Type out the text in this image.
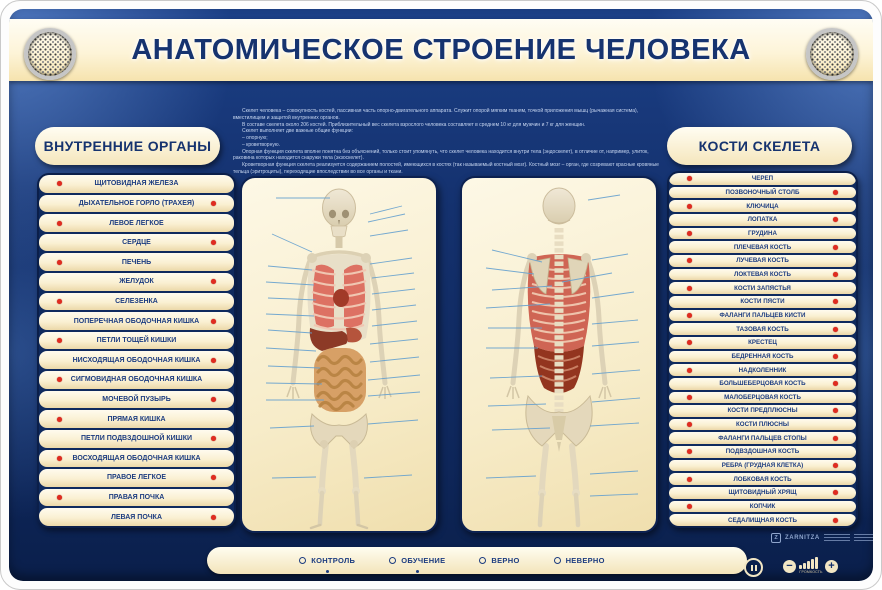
АНАТОМИЧЕСКОЕ СТРОЕНИЕ ЧЕЛОВЕКА

Скелет человека – совокупность костей, пассивная часть опорно-двигательного аппарата. Служит опорой мягким тканям, точкой приложения мышц (рычажная система), вместилищем и защитой внутренних органов.

В составе скелета около 206 костей. Приблизительный вес скелета взрослого человека составляет в среднем 10 кг для мужчин и 7 кг для женщин.

Скелет выполняет две важные общие функции:

– опорную;

– кроветворную.

Опорная функция скелета вполне понятна без объяснений, только стоит упомянуть, что скелет человека находится внутри тела (эндоскелет), в отличие от, например, улиток, раковина которых находится снаружи тела (экзоскелет).

Кроветворная функция скелета реализуется содержанием полостей, имеющихся в костях (так называемый костный мозг). Костный мозг – орган, где созревают красные кровяные тельца (эритроциты), переходящие впоследствии во все органы и ткани.

ВНУТРЕННИЕ ОРГАНЫ
ЩИТОВИДНАЯ ЖЕЛЕЗА
ДЫХАТЕЛЬНОЕ ГОРЛО (ТРАХЕЯ)
ЛЕВОЕ ЛЕГКОЕ
СЕРДЦЕ
ПЕЧЕНЬ
ЖЕЛУДОК
СЕЛЕЗЕНКА
ПОПЕРЕЧНАЯ ОБОДОЧНАЯ КИШКА
ПЕТЛИ ТОЩЕЙ КИШКИ
НИСХОДЯЩАЯ ОБОДОЧНАЯ КИШКА
СИГМОВИДНАЯ ОБОДОЧНАЯ КИШКА
МОЧЕВОЙ ПУЗЫРЬ
ПРЯМАЯ КИШКА
ПЕТЛИ ПОДВЗДОШНОЙ КИШКИ
ВОСХОДЯЩАЯ ОБОДОЧНАЯ КИШКА
ПРАВОЕ ЛЕГКОЕ
ПРАВАЯ ПОЧКА
ЛЕВАЯ ПОЧКА
КОСТИ СКЕЛЕТА
ЧЕРЕП
ПОЗВОНОЧНЫЙ СТОЛБ
КЛЮЧИЦА
ЛОПАТКА
ГРУДИНА
ПЛЕЧЕВАЯ КОСТЬ
ЛУЧЕВАЯ КОСТЬ
ЛОКТЕВАЯ КОСТЬ
КОСТИ ЗАПЯСТЬЯ
КОСТИ ПЯСТИ
ФАЛАНГИ ПАЛЬЦЕВ КИСТИ
ТАЗОВАЯ КОСТЬ
КРЕСТЕЦ
БЕДРЕННАЯ КОСТЬ
НАДКОЛЕННИК
БОЛЬШЕБЕРЦОВАЯ КОСТЬ
МАЛОБЕРЦОВАЯ КОСТЬ
КОСТИ ПРЕДПЛЮСНЫ
КОСТИ ПЛЮСНЫ
ФАЛАНГИ ПАЛЬЦЕВ СТОПЫ
ПОДВЗДОШНАЯ КОСТЬ
РЕБРА (ГРУДНАЯ КЛЕТКА)
ЛОБКОВАЯ КОСТЬ
ЩИТОВИДНЫЙ ХРЯЩ
КОПЧИК
СЕДАЛИЩНАЯ КОСТЬ
КОНТРОЛЬ	ОБУЧЕНИЕ	ВЕРНО	НЕВЕРНО	−	ГРОМКОСТЬ +
Z	ZARNITZA
